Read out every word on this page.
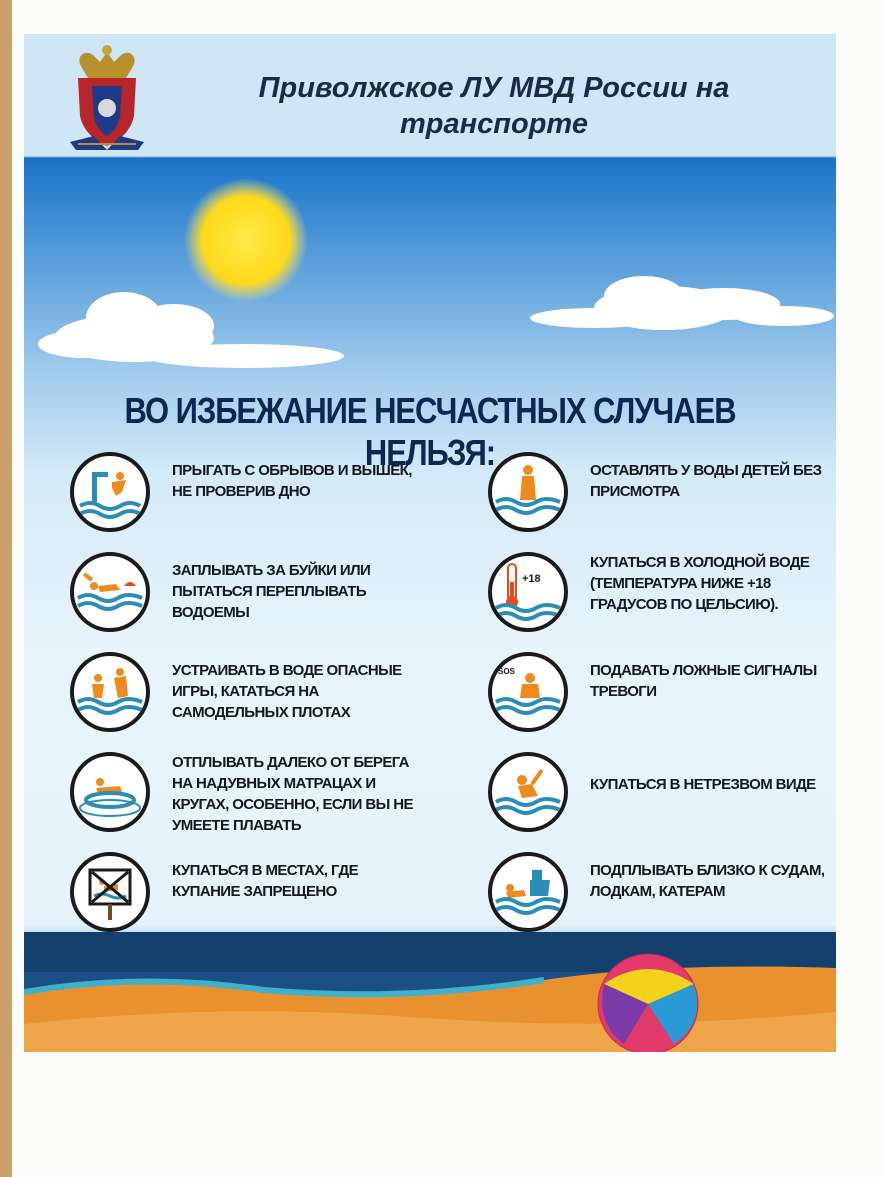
Приволжское ЛУ МВД России на транспорте
ВО ИЗБЕЖАНИЕ НЕСЧАСТНЫХ СЛУЧАЕВ НЕЛЬЗЯ:
ПРЫГАТЬ С ОБРЫВОВ И ВЫШЕК, НЕ ПРОВЕРИВ ДНО
ЗАПЛЫВАТЬ ЗА БУЙКИ ИЛИ ПЫТАТЬСЯ ПЕРЕПЛЫВАТЬ ВОДОЕМЫ
УСТРАИВАТЬ В ВОДЕ ОПАСНЫЕ ИГРЫ, КАТАТЬСЯ НА САМОДЕЛЬНЫХ ПЛОТАХ
ОТПЛЫВАТЬ ДАЛЕКО ОТ БЕРЕГА НА НАДУВНЫХ МАТРАЦАХ И КРУГАХ, ОСОБЕННО, ЕСЛИ ВЫ НЕ УМЕЕТЕ ПЛАВАТЬ
КУПАТЬСЯ В МЕСТАХ, ГДЕ КУПАНИЕ ЗАПРЕЩЕНО
ОСТАВЛЯТЬ У ВОДЫ ДЕТЕЙ БЕЗ ПРИСМОТРА
+18
КУПАТЬСЯ В ХОЛОДНОЙ ВОДЕ (ТЕМПЕРАТУРА НИЖЕ +18 ГРАДУСОВ ПО ЦЕЛЬСИЮ).
SOS	ПОДАВАТЬ ЛОЖНЫЕ СИГНАЛЫ ТРЕВОГИ
КУПАТЬСЯ В НЕТРЕЗВОМ ВИДЕ
ПОДПЛЫВАТЬ БЛИЗКО К СУДАМ, ЛОДКАМ, КАТЕРАМ
